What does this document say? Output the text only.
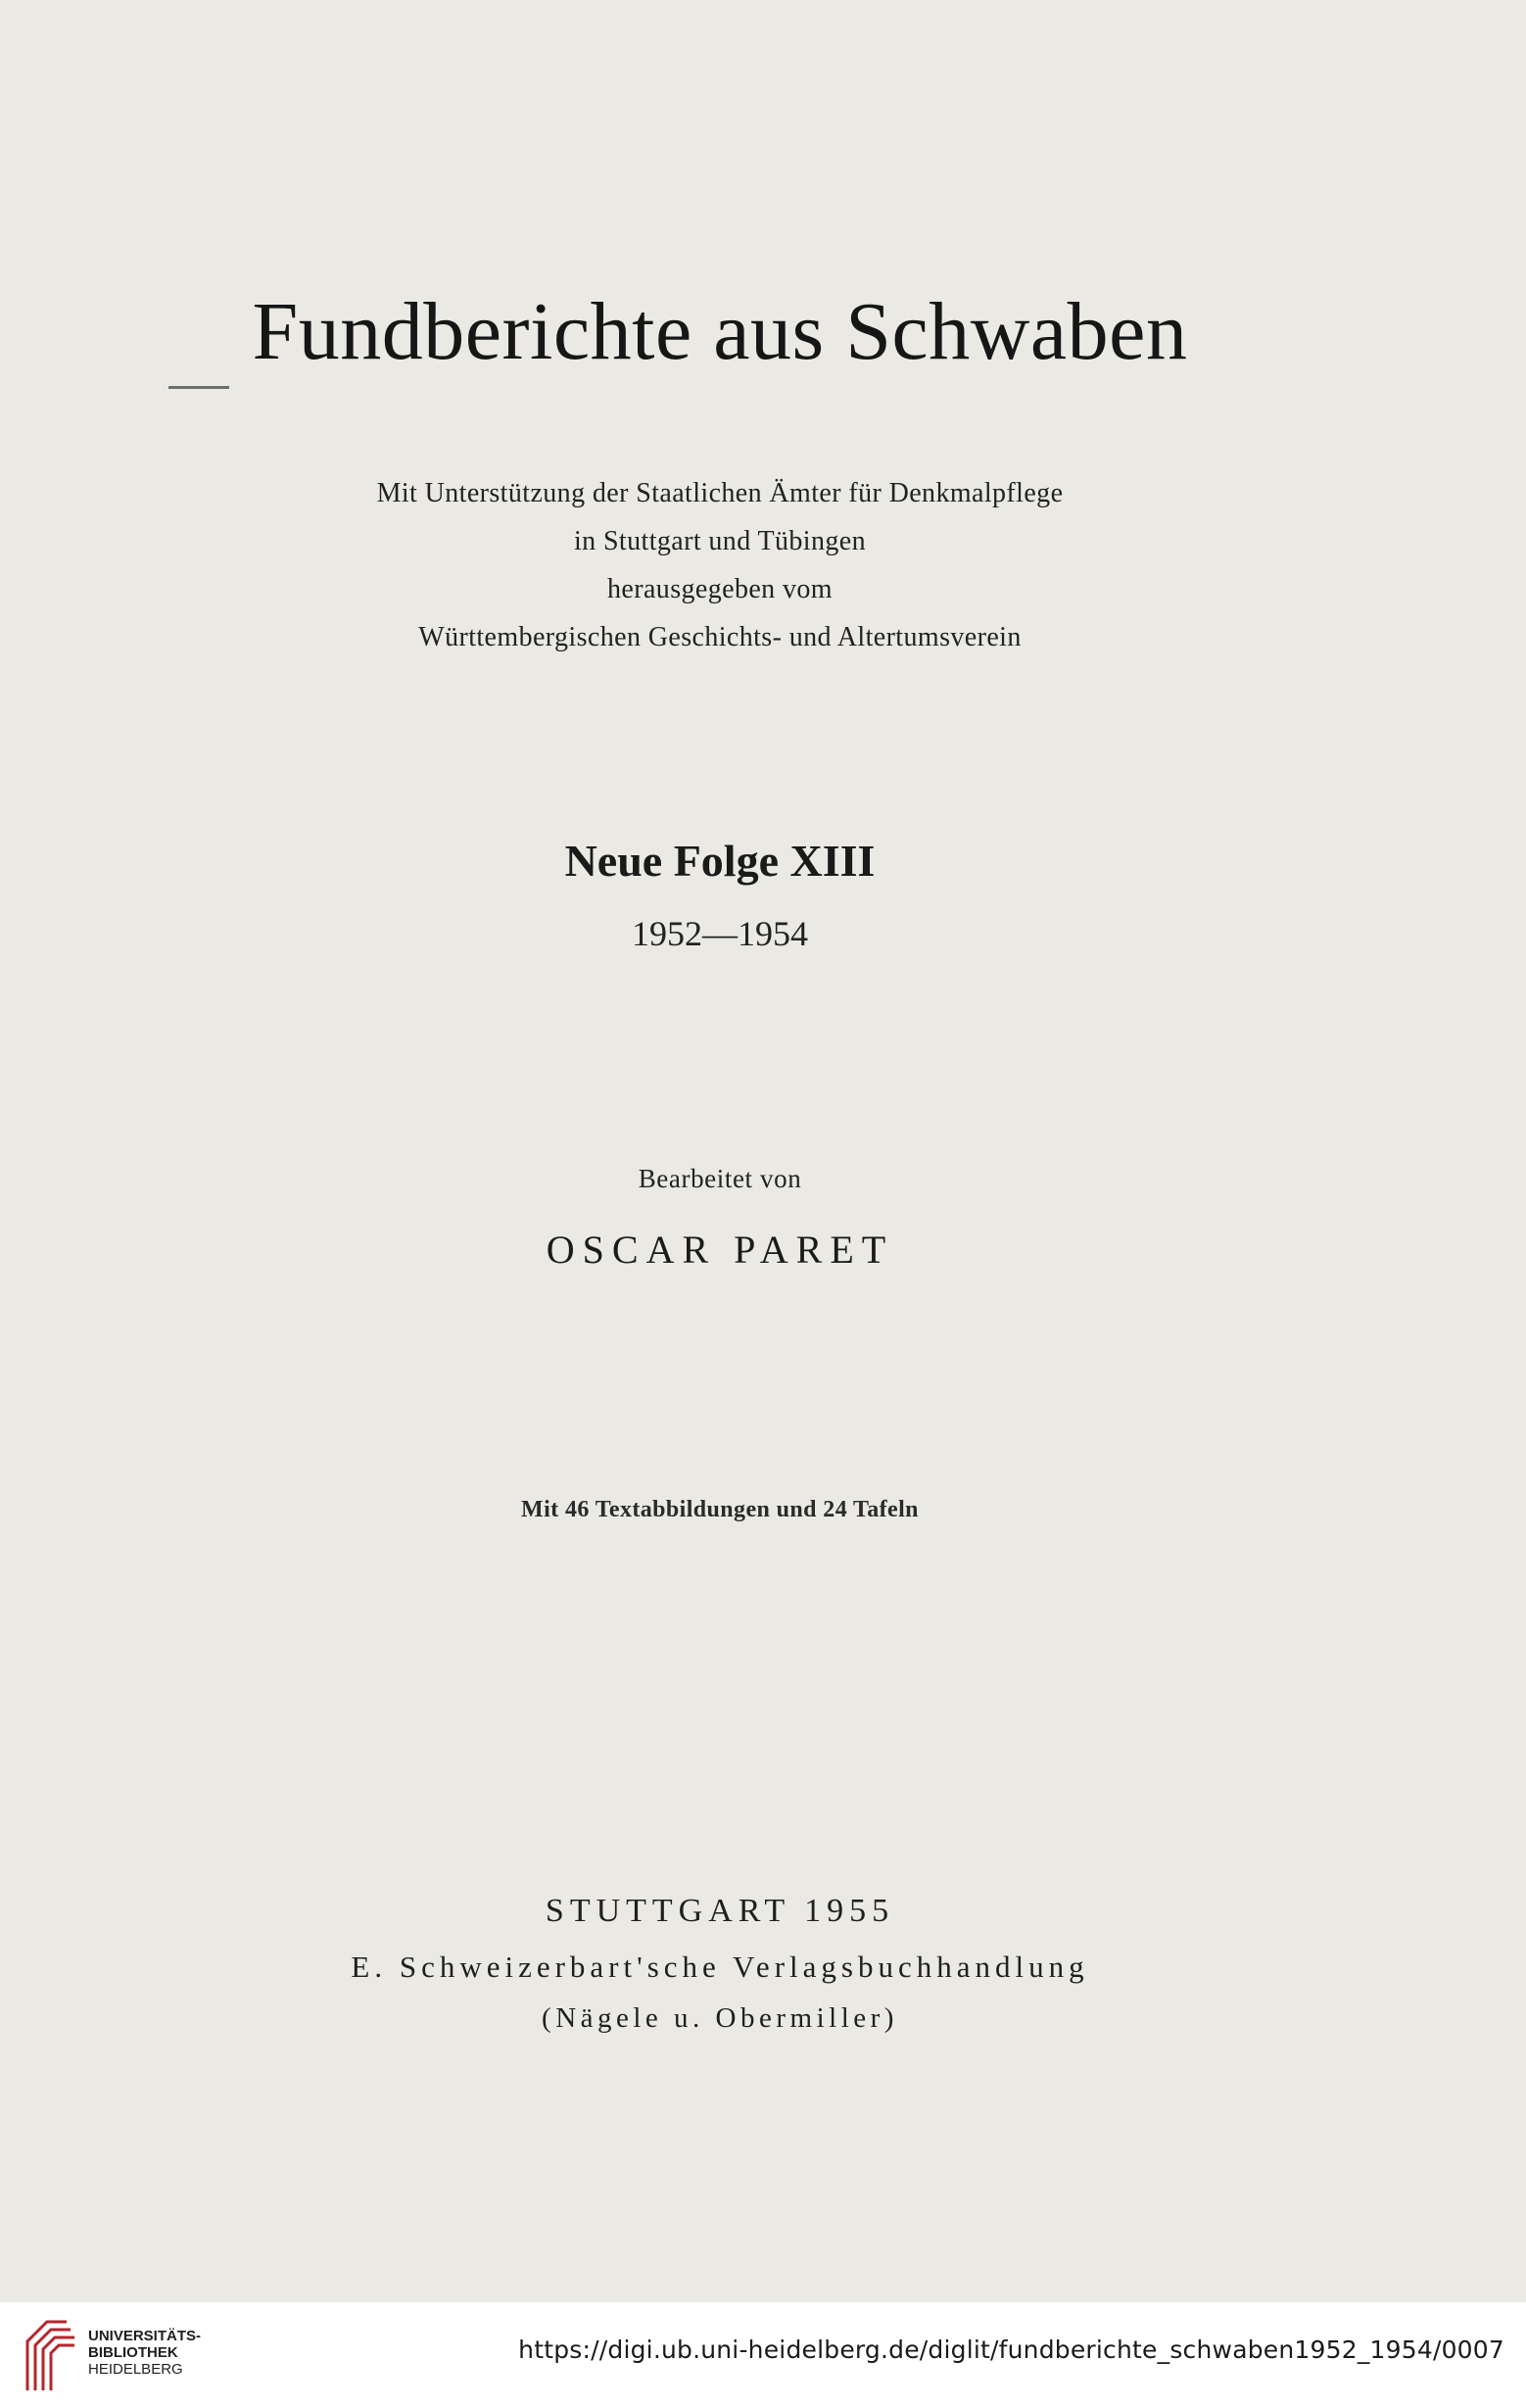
Fundberichte aus Schwaben
Mit Unterstützung der Staatlichen Ämter für Denkmalpflege
in Stuttgart und Tübingen
herausgegeben vom
Württembergischen Geschichts- und Altertumsverein
Neue Folge XIII
1952—1954
Bearbeitet von
OSCAR PARET
Mit 46 Textabbildungen und 24 Tafeln
STUTTGART 1955
E. Schweizerbart'sche Verlagsbuchhandlung
(Nägele u. Obermiller)
UNIVERSITÄTS-
BIBLIOTHEK
HEIDELBERG
https://digi.ub.uni-heidelberg.de/diglit/fundberichte_schwaben1952_1954/0007
